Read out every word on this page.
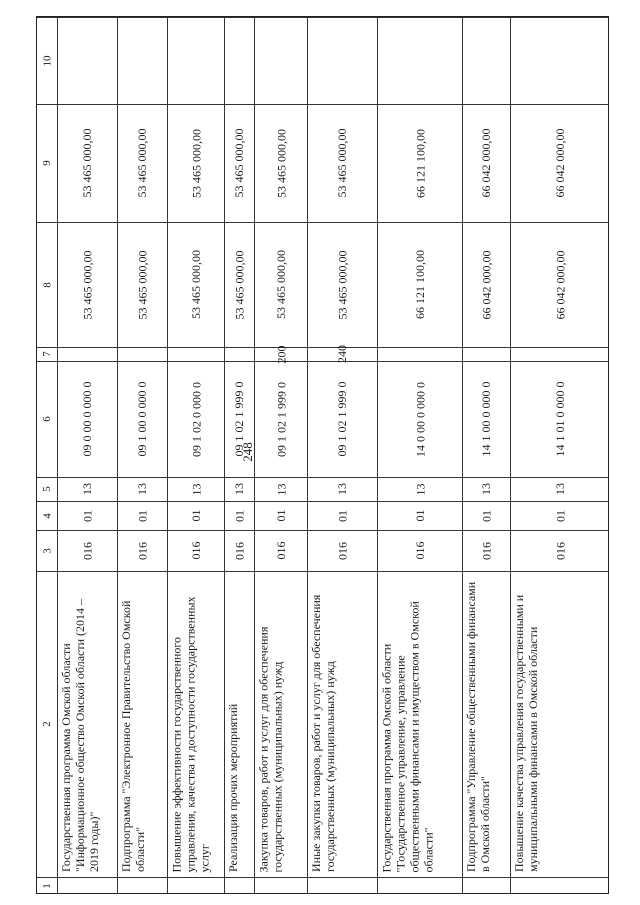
248
1
2
3
4
5
6
7
8
9
10
Государственная программа Омской области "Информационное общество Омской области (2014 – 2019 годы)"
016
01
13
09 0 00 0 000 0
53 465 000,00
53 465 000,00
Подпрограмма "Электронное Правительство Омской области"
016
01
13
09 1 00 0 000 0
53 465 000,00
53 465 000,00
Повышение эффективности государственного управления, качества и доступности государственных услуг
016
01
13
09 1 02 0 000 0
53 465 000,00
53 465 000,00
Реализация прочих мероприятий
016
01
13
09 1 02 1 999 0
53 465 000,00
53 465 000,00
Закупка товаров, работ и услуг для обеспечения государственных (муниципальных) нужд
016
01
13
09 1 02 1 999 0
200
53 465 000,00
53 465 000,00
Иные закупки товаров, работ и услуг для обеспечения государственных (муниципальных) нужд
016
01
13
09 1 02 1 999 0
240
53 465 000,00
53 465 000,00
Государственная программа Омской области "Государственное управление, управление общественными финансами и имуществом в Омской области"
016
01
13
14 0 00 0 000 0
66 121 100,00
66 121 100,00
Подпрограмма "Управление общественными финансами в Омской области"
016
01
13
14 1 00 0 000 0
66 042 000,00
66 042 000,00
Повышение качества управления государственными и муниципальными финансами в Омской области
016
01
13
14 1 01 0 000 0
66 042 000,00
66 042 000,00
